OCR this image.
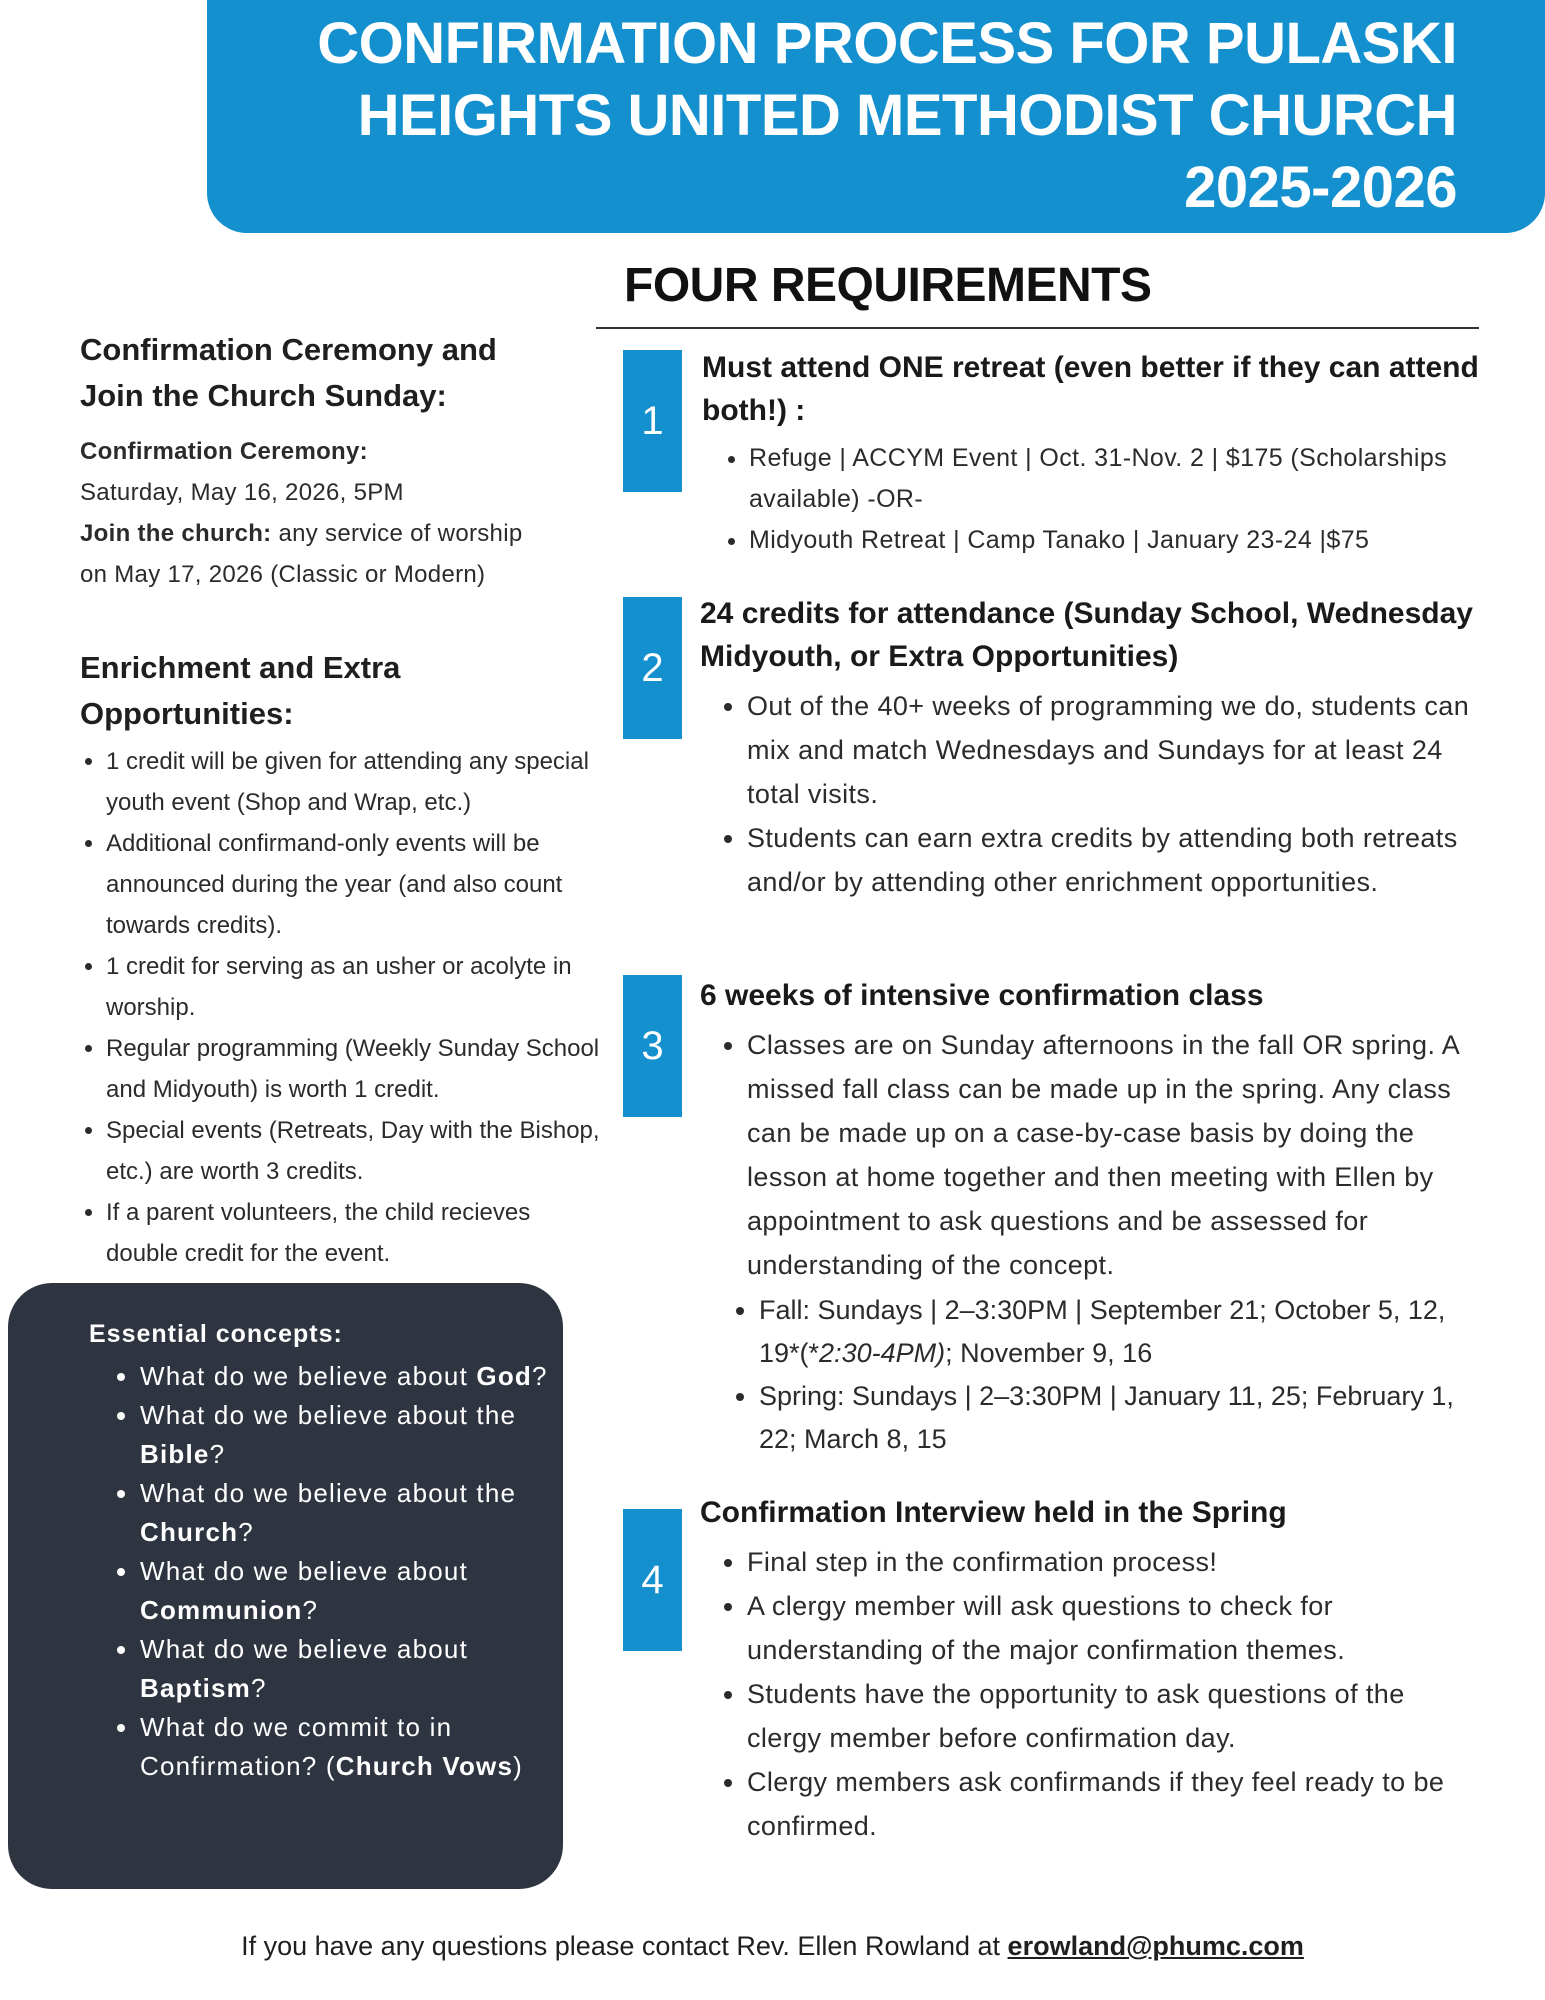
CONFIRMATION PROCESS FOR PULASKI
HEIGHTS UNITED METHODIST CHURCH
2025-2026
FOUR REQUIREMENTS
Confirmation Ceremony and
Join the Church Sunday:
Confirmation Ceremony:
Saturday, May 16, 2026, 5PM
Join the church: any service of worship
on May 17, 2026 (Classic or Modern)
Enrichment and Extra
Opportunities:
• 1 credit will be given for attending any special youth event (Shop and Wrap, etc.)
• Additional confirmand-only events will be announced during the year (and also count towards credits).
• 1 credit for serving as an usher or acolyte in worship.
• Regular programming (Weekly Sunday School and Midyouth) is worth 1 credit.
• Special events (Retreats, Day with the Bishop, etc.) are worth 3 credits.
• If a parent volunteers, the child recieves double credit for the event.
Essential concepts:
• What do we believe about God?
• What do we believe about the Bible?
• What do we believe about the Church?
• What do we believe about Communion?
• What do we believe about Baptism?
• What do we commit to in Confirmation? (Church Vows)
1
Must attend ONE retreat (even better if they can attend both!) :
• Refuge | ACCYM Event | Oct. 31-Nov. 2 | $175 (Scholarships available) -OR-
• Midyouth Retreat | Camp Tanako | January 23-24 |$75
2
24 credits for attendance (Sunday School, Wednesday Midyouth, or Extra Opportunities)
• Out of the 40+ weeks of programming we do, students can mix and match Wednesdays and Sundays for at least 24 total visits.
• Students can earn extra credits by attending both retreats and/or by attending other enrichment opportunities.
3
6 weeks of intensive confirmation class
• Classes are on Sunday afternoons in the fall OR spring. A missed fall class can be made up in the spring. Any class can be made up on a case-by-case basis by doing the lesson at home together and then meeting with Ellen by appointment to ask questions and be assessed for understanding of the concept.
• Fall: Sundays | 2–3:30PM | September 21; October 5, 12, 19*(*2:30-4PM); November 9, 16
• Spring: Sundays | 2–3:30PM | January 11, 25; February 1, 22; March 8, 15
4
Confirmation Interview held in the Spring
• Final step in the confirmation process!
• A clergy member will ask questions to check for understanding of the major confirmation themes.
• Students have the opportunity to ask questions of the clergy member before confirmation day.
• Clergy members ask confirmands if they feel ready to be confirmed.
If you have any questions please contact Rev. Ellen Rowland at erowland@phumc.com
